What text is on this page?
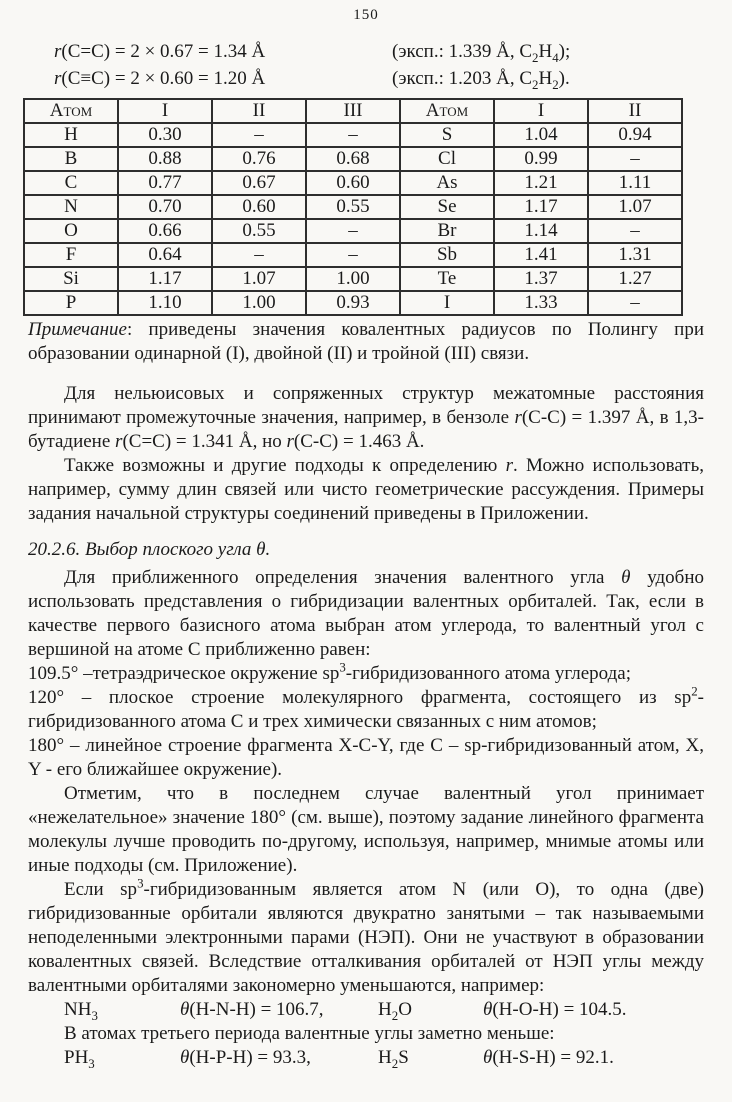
150
r(C=C) = 2 × 0.67 = 1.34 Å	(эксп.: 1.339 Å, $C_2H_4$);
r(C≡C) = 2 × 0.60 = 1.20 Å	(эксп.: 1.203 Å, $C_2H_2$).
Атом	I	II	III	Атом	I	II
H	0.30	–	–	S	1.04	0.94
B	0.88	0.76	0.68	Cl	0.99	–
C	0.77	0.67	0.60	As	1.21	1.11
N	0.70	0.60	0.55	Se	1.17	1.07
O	0.66	0.55	–	Br	1.14	–
F	0.64	–	–	Sb	1.41	1.31
Si	1.17	1.07	1.00	Te	1.37	1.27
P	1.10	1.00	0.93	I	1.33	–

Примечание: приведены значения ковалентных радиусов по Полингу при образовании одинарной (I), двойной (II) и тройной (III) связи.

Для нельюисовых и сопряженных структур межатомные расстояния принимают промежуточные значения, например, в бензоле r(C-C) = 1.397 Å, в 1,3-бутадиене r(C=C) = 1.341 Å, но r(C-C) = 1.463 Å.

Также возможны и другие подходы к определению r. Можно использовать, например, сумму длин связей или чисто геометрические рассуждения. Примеры задания начальной структуры соединений приведены в Приложении.

20.2.6. Выбор плоского угла θ.

Для приближенного определения значения валентного угла θ удобно использовать представления о гибридизации валентных орбиталей. Так, если в качестве первого базисного атома выбран атом углерода, то валентный угол с вершиной на атоме С приближенно равен:

109.5° –тетраэдрическое окружение $sp^3$-гибридизованного атома углерода;

120° – плоское строение молекулярного фрагмента, состоящего из $sp^2$-гибридизованного атома С и трех химически связанных с ним атомов;

180° – линейное строение фрагмента X-C-Y, где С – sp-гибридизованный атом, X, Y - его ближайшее окружение).

Отметим, что в последнем случае валентный угол принимает «нежелательное» значение 180° (см. выше), поэтому задание линейного фрагмента молекулы лучше проводить по-другому, используя, например, мнимые атомы или иные подходы (см. Приложение).

Если $sp^3$-гибридизованным является атом N (или O), то одна (две) гибридизованные орбитали являются двукратно занятыми – так называемыми неподеленными электронными парами (НЭП). Они не участвуют в образовании ковалентных связей. Вследствие отталкивания орбиталей от НЭП углы между валентными орбиталями закономерно уменьшаются, например:

$NH_3$	θ(H-N-H) = 106.7,	$H_2O$	θ(H-O-H) = 104.5.

В атомах третьего периода валентные углы заметно меньше:

$PH_3$	θ(H-P-H) = 93.3,	$H_2S$	θ(H-S-H) = 92.1.
